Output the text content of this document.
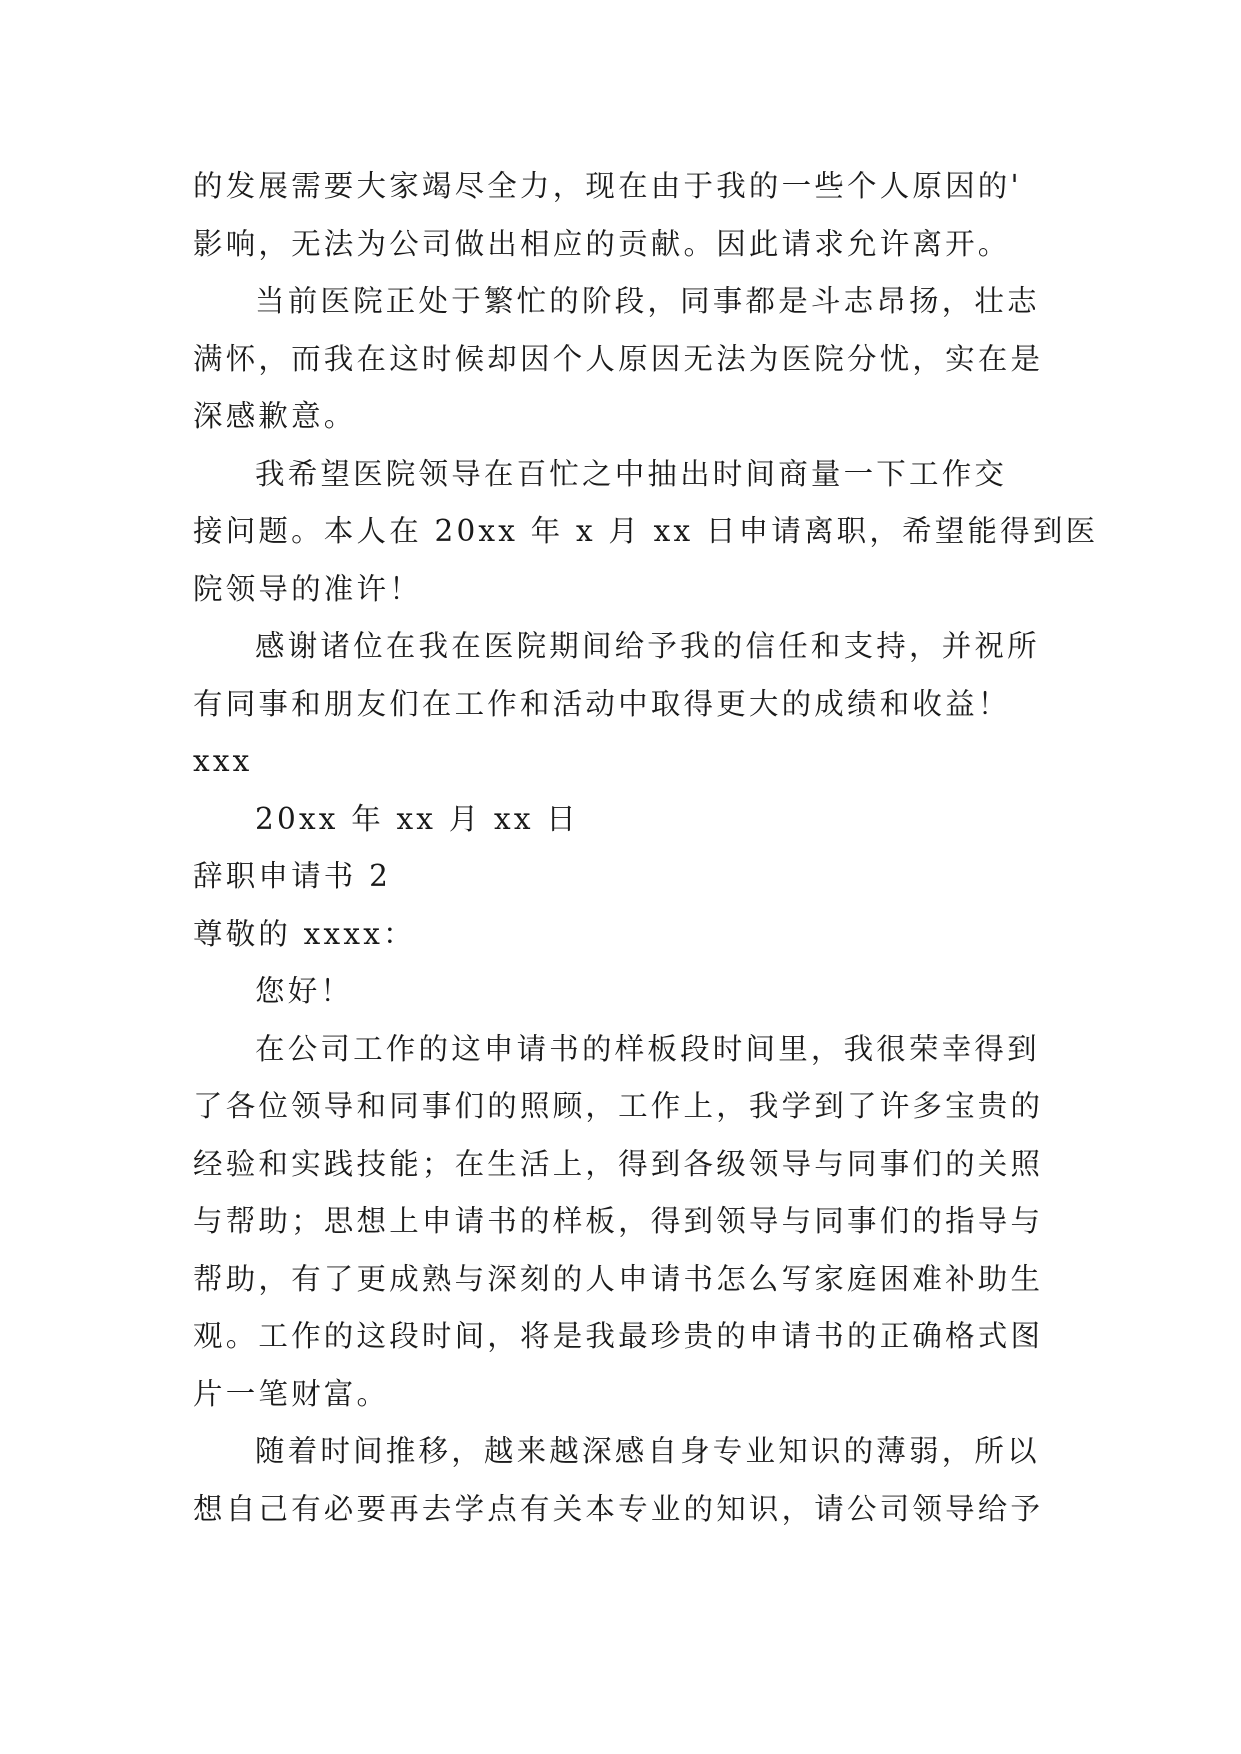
的发展需要大家竭尽全力，现在由于我的一些个人原因的'
影响，无法为公司做出相应的贡献。因此请求允许离开。
当前医院正处于繁忙的阶段，同事都是斗志昂扬，壮志
满怀，而我在这时候却因个人原因无法为医院分忧，实在是
深感歉意。
我希望医院领导在百忙之中抽出时间商量一下工作交
接问题。本人在 20xx 年 x 月 xx 日申请离职，希望能得到医
院领导的准许！
感谢诸位在我在医院期间给予我的信任和支持，并祝所
有同事和朋友们在工作和活动中取得更大的成绩和收益！
xxx
20xx 年 xx 月 xx 日
辞职申请书 2
尊敬的 xxxx：
您好！
在公司工作的这申请书的样板段时间里，我很荣幸得到
了各位领导和同事们的照顾，工作上，我学到了许多宝贵的
经验和实践技能；在生活上，得到各级领导与同事们的关照
与帮助；思想上申请书的样板，得到领导与同事们的指导与
帮助，有了更成熟与深刻的人申请书怎么写家庭困难补助生
观。工作的这段时间，将是我最珍贵的申请书的正确格式图
片一笔财富。
随着时间推移，越来越深感自身专业知识的薄弱，所以
想自己有必要再去学点有关本专业的知识，请公司领导给予
